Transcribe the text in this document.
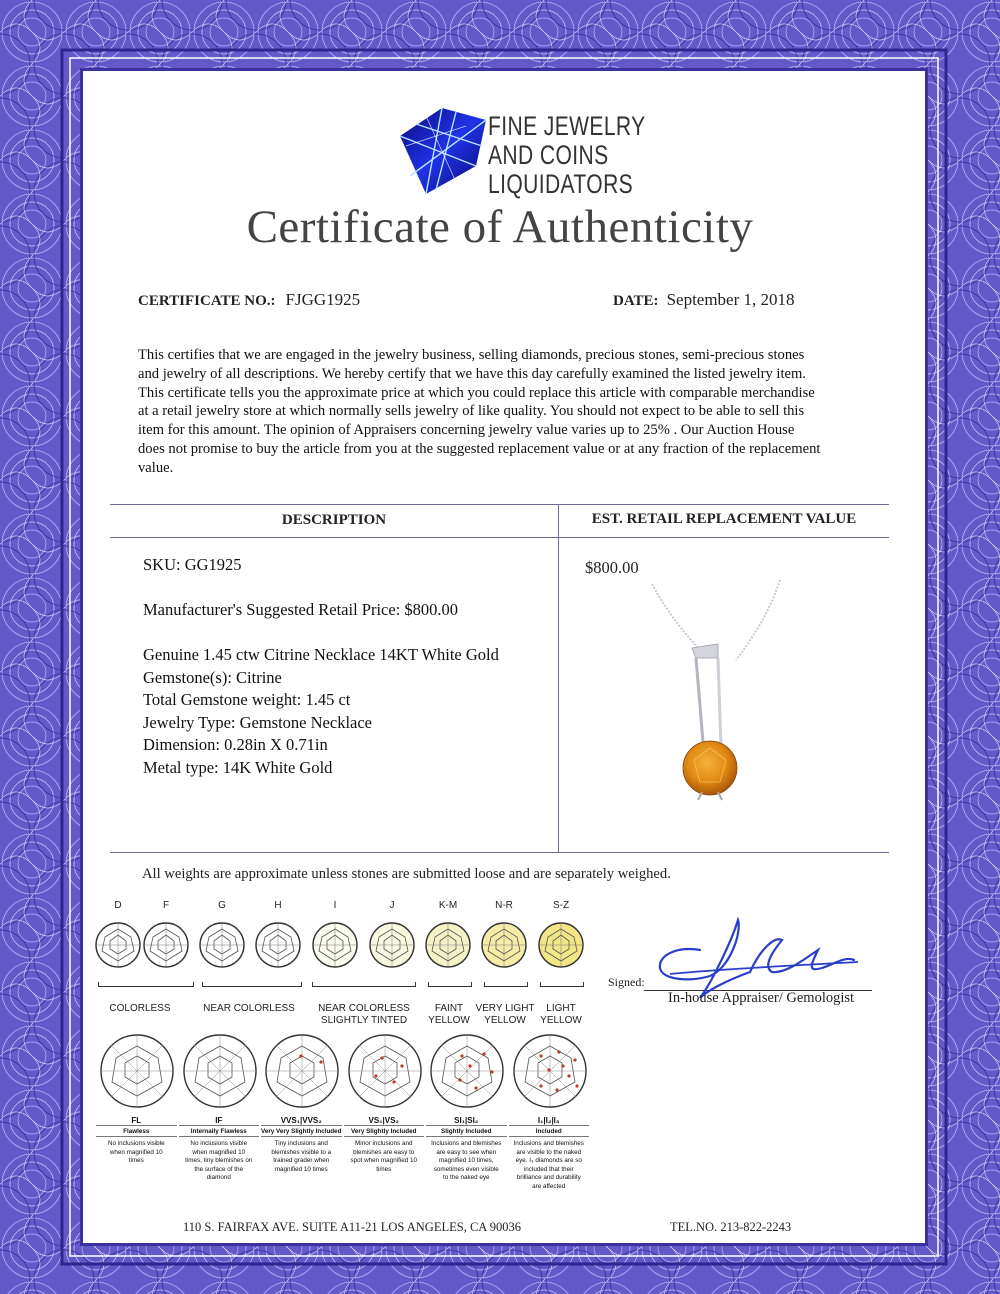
FINE JEWELRY
AND COINS
LIQUIDATORS
Certificate of Authenticity
CERTIFICATE NO.: FJGG1925	DATE: September 1, 2018
This certifies that we are engaged in the jewelry business, selling diamonds, precious stones, semi-precious stones
and jewelry of all descriptions. We hereby certify that we have this day carefully examined the listed jewelry item.
This certificate tells you the approximate price at which you could replace this article with comparable merchandise
at a retail jewelry store at which normally sells jewelry of like quality. You should not expect to be able to sell this
item for this amount. The opinion of Appraisers concerning jewelry value varies up to 25% . Our Auction House
does not promise to buy the article from you at the suggested replacement value or at any fraction of the replacement
value.
DESCRIPTION	EST. RETAIL REPLACEMENT VALUE
SKU: GG1925
Manufacturer's Suggested Retail Price: $800.00
Genuine 1.45 ctw Citrine Necklace 14KT White Gold
Gemstone(s): Citrine
Total Gemstone weight: 1.45 ct
Jewelry Type: Gemstone Necklace
Dimension: 0.28in X 0.71in
Metal type: 14K White Gold
$800.00
All weights are approximate unless stones are submitted loose and are separately weighed.
D	F	G	H	I	J	K-M	N-R	S-Z
COLORLESS	NEAR COLORLESS	NEAR COLORLESS
SLIGHTLY TINTED
FAINT
YELLOW
VERY LIGHT
YELLOW
LIGHT
YELLOW
FL
Flawless
No inclusions visible
when magnified 10
times
IF
Internally Flawless
No inclusions visible
when magnified 10
times, tiny blemishes on
the surface of the
diamond
VVS₁|VVS₂
Very Very Slightly Included
Tiny inclusions and
blemishes visible to a
trained grader when
magnified 10 times
VS₁|VS₂
Very Slightly Included
Minor inclusions and
blemishes are easy to
spot when magnified 10
times
SI₁|SI₂
Slightly Included
Inclusions and blemishes
are easy to see when
magnified 10 times,
sometimes even visible
to the naked eye
I₁|I₂|I₃
Included
Inclusions and blemishes
are visible to the naked
eye. I₃ diamonds are so
included that their
brilliance and durability
are affected
Signed:
In-house Appraiser/ Gemologist
110 S. FAIRFAX AVE. SUITE A11-21 LOS ANGELES, CA 90036	TEL.NO. 213-822-2243
